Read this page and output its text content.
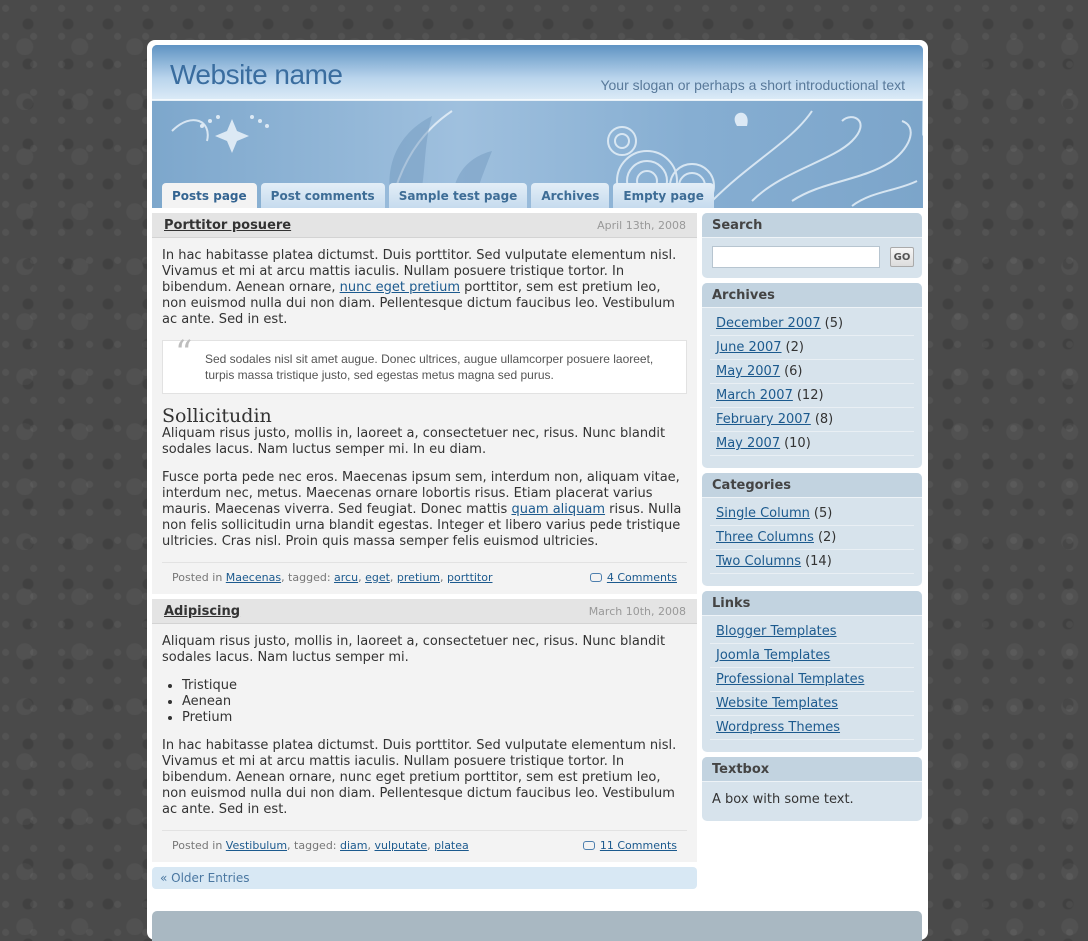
Website name	Your slogan or perhaps a short introductional text
Posts page	Post comments	Sample test page	Archives	Empty page
Porttitor posuere	April 13th, 2008

In hac habitasse platea dictumst. Duis porttitor. Sed vulputate elementum nisl. Vivamus et mi at arcu mattis iaculis. Nullam posuere tristique tortor. In bibendum. Aenean ornare, nunc eget pretium porttitor, sem est pretium leo, non euismod nulla dui non diam. Pellentesque dictum faucibus leo. Vestibulum ac ante. Sed in est.

“ Sed sodales nisl sit amet augue. Donec ultrices, augue ullamcorper posuere laoreet, turpis massa tristique justo, sed egestas metus magna sed purus.
Sollicitudin

Aliquam risus justo, mollis in, laoreet a, consectetuer nec, risus. Nunc blandit sodales lacus. Nam luctus semper mi. In eu diam.

Fusce porta pede nec eros. Maecenas ipsum sem, interdum non, aliquam vitae, interdum nec, metus. Maecenas ornare lobortis risus. Etiam placerat varius mauris. Maecenas viverra. Sed feugiat. Donec mattis quam aliquam risus. Nulla non felis sollicitudin urna blandit egestas. Integer et libero varius pede tristique ultricies. Cras nisl. Proin quis massa semper felis euismod ultricies.

Posted in Maecenas, tagged: arcu, eget, pretium, porttitor	4 Comments
Adipiscing	March 10th, 2008

Aliquam risus justo, mollis in, laoreet a, consectetuer nec, risus. Nunc blandit sodales lacus. Nam luctus semper mi.

• Tristique
• Aenean
• Pretium

In hac habitasse platea dictumst. Duis porttitor. Sed vulputate elementum nisl. Vivamus et mi at arcu mattis iaculis. Nullam posuere tristique tortor. In bibendum. Aenean ornare, nunc eget pretium porttitor, sem est pretium leo, non euismod nulla dui non diam. Pellentesque dictum faucibus leo. Vestibulum ac ante. Sed in est.

Posted in Vestibulum, tagged: diam, vulputate, platea	11 Comments
« Older Entries
Search
GO
Archives
December 2007 (5)
June 2007 (2)
May 2007 (6)
March 2007 (12)
February 2007 (8)
May 2007 (10)
Categories
Single Column (5)
Three Columns (2)
Two Columns (14)
Links
Blogger Templates
Joomla Templates
Professional Templates
Website Templates
Wordpress Themes
Textbox
A box with some text.
